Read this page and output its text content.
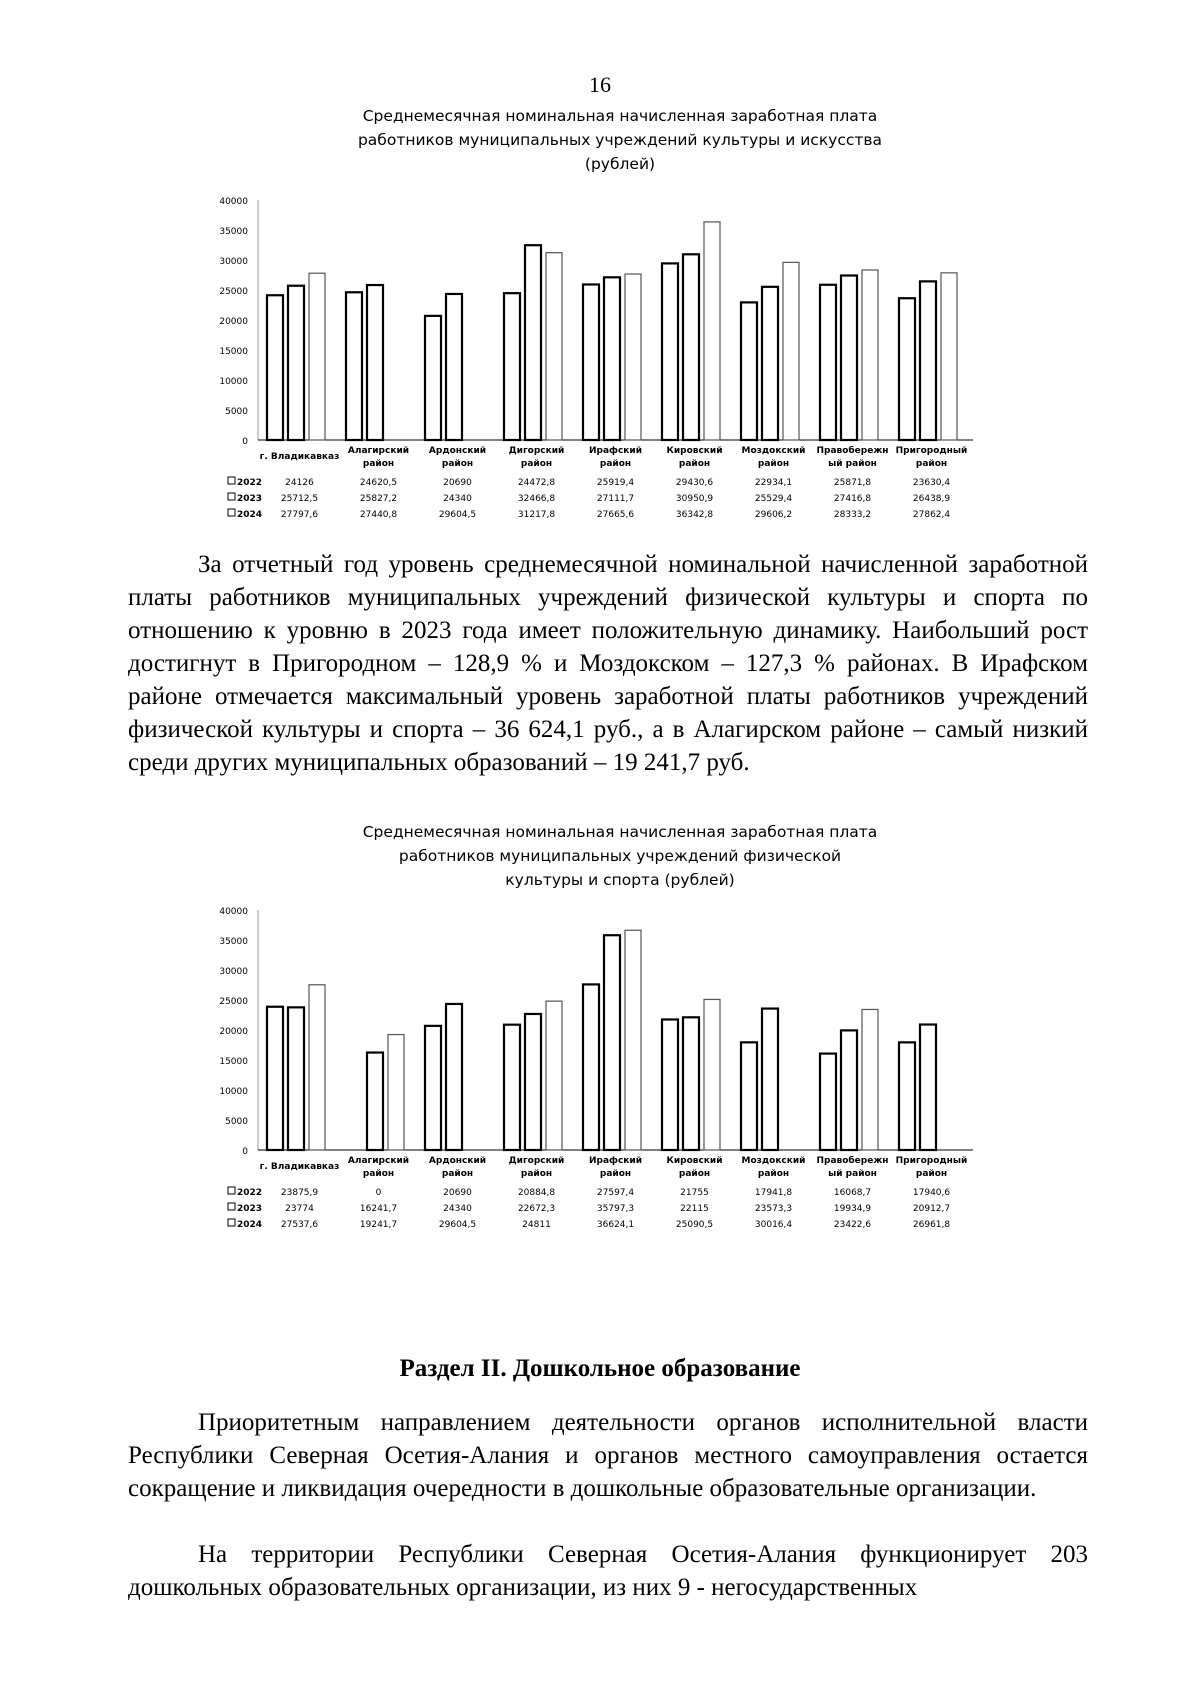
16
Среднемесячная номинальная начисленная заработная плата
работников муниципальных учреждений культуры и искусства
(рублей)
40000
35000
30000
25000
20000
15000
10000
5000
0
г. Владикавказ
Алагирский
район
Ардонский
район
Дигорский
район
Ирафский
район
Кировский
район
Моздокский
район
Правобережн
ый район
Пригородный
район
2022	24126	24620,5	20690	24472,8	25919,4	29430,6	22934,1	25871,8	23630,4
2023 25712,5	25827,2	24340	32466,8	27111,7	30950,9	25529,4	27416,8	26438,9
2024 27797,6	27440,8	29604,5	31217,8	27665,6	36342,8	29606,2	28333,2	27862,4

За отчетный год уровень среднемесячной номинальной начисленной заработной платы работников муниципальных учреждений физической культуры и спорта по отношению к уровню в 2023 года имеет положительную динамику. Наибольший рост достигнут в Пригородном – 128,9 % и Моздокском – 127,3 % районах. В Ирафском районе отмечается максимальный уровень заработной платы работников учреждений физической культуры и спорта – 36 624,1 руб., а в Алагирском районе – самый низкий среди других муниципальных образований – 19 241,7 руб.

Среднемесячная номинальная начисленная заработная плата
работников муниципальных учреждений физической
культуры и спорта (рублей)
40000
35000
30000
25000
20000
15000
10000
5000
0
г. Владикавказ
Алагирский
район
Ардонский
район
Дигорский
район
Ирафский
район
Кировский
район
Моздокский
район
Правобережн
ый район
Пригородный
район
2022 23875,9	0	20690	20884,8	27597,4	21755	17941,8	16068,7	17940,6
2023	23774	16241,7	24340	22672,3	35797,3	22115	23573,3	19934,9	20912,7
2024 27537,6	19241,7	29604,5	24811	36624,1	25090,5	30016,4	23422,6	26961,8
Раздел II. Дошкольное образование

Приоритетным направлением деятельности органов исполнительной власти Республики Северная Осетия-Алания и органов местного самоуправления остается сокращение и ликвидация очередности в дошкольные образовательные организации.

На территории Республики Северная Осетия-Алания функционирует 203 дошкольных образовательных организации, из них 9 - негосударственных
